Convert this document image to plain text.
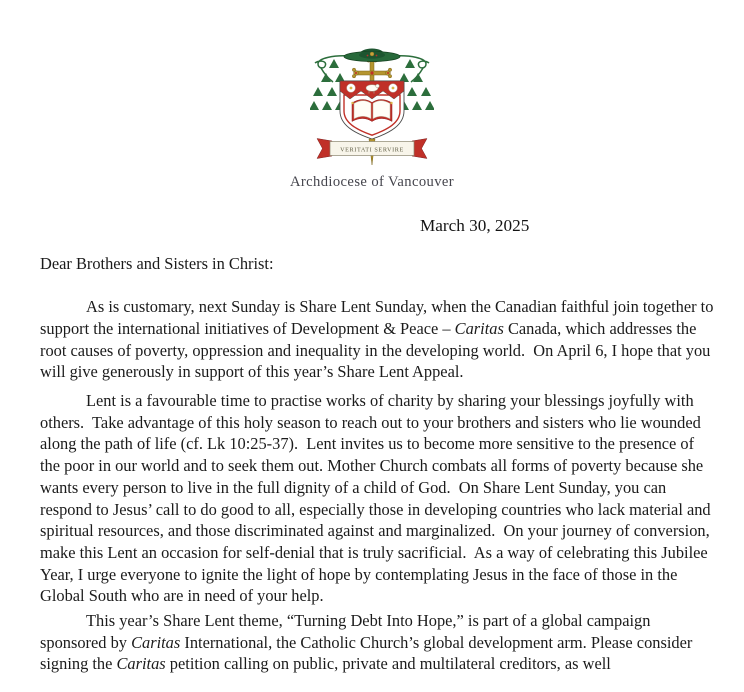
VERITATI SERVIRE
Archdiocese of Vancouver
March 30, 2025
Dear Brothers and Sisters in Christ:

As is customary, next Sunday is Share Lent Sunday, when the Canadian faithful join together to support the international initiatives of Development & Peace – Caritas Canada, which addresses the root causes of poverty, oppression and inequality in the developing world.  On April 6, I hope that you will give generously in support of this year’s Share Lent Appeal.

Lent is a favourable time to practise works of charity by sharing your blessings joyfully with others.  Take advantage of this holy season to reach out to your brothers and sisters who lie wounded along the path of life (cf. Lk 10:25-37).  Lent invites us to become more sensitive to the presence of the poor in our world and to seek them out. Mother Church combats all forms of poverty because she wants every person to live in the full dignity of a child of God.  On Share Lent Sunday, you can respond to Jesus’ call to do good to all, especially those in developing countries who lack material and spiritual resources, and those discriminated against and marginalized.  On your journey of conversion, make this Lent an occasion for self-denial that is truly sacrificial.  As a way of celebrating this Jubilee Year, I urge everyone to ignite the light of hope by contemplating Jesus in the face of those in the Global South who are in need of your help.

This year’s Share Lent theme, “Turning Debt Into Hope,” is part of a global campaign sponsored by Caritas International, the Catholic Church’s global development arm. Please consider signing the Caritas petition calling on public, private and multilateral creditors, as well
